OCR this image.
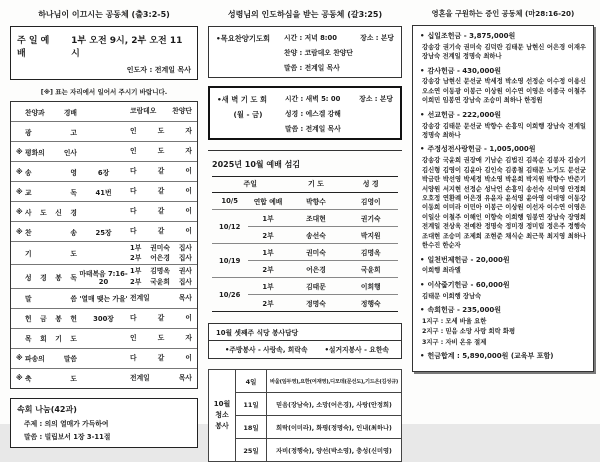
하나님이 이끄시는 공동체 (출3:2-5)
주 일 예 배
1부 오전 9시, 2부 오전 11시
인도자 : 전계일 목사
[※] 표는 자리에서 일어서 주시기 바랍니다.
찬양과 경배	코람데오 찬양단
광 고	인 도 자
※ 평화의 인사	인 도 자
※ 송 영	6장	다 같 이
※ 교 독	41번	다 같 이
※ 사 도 신 경	다 같 이
※ 찬 송	25장	다 같 이
기 도
1부 권미숙 집사
2부 어은경 집사
성 경 봉 독 마태복음 7:16-20
1부 김명옥 권사
2부 국윤희 집사
말 씀 '열매 맺는 가을' 전계일 목사
헌 금 봉 헌	300장	다 같 이
목 회 기 도	인 도 자
※ 파송의 말씀	다 같 이
※ 축 도	전계일 목사
속회 나눔(42과)
주제 : 의의 열매가 가득하여
말씀 : 빌립보서 1장 3-11절
성령님의 인도하심을 받는 공동체 (갈3:25)
•목요찬양기도회	시간 : 저녁 8:00	장소 : 본당
찬양 : 코람데오 찬양단
말씀 : 전계일 목사
•새 벽 기 도 회
(월 - 금)
시간 : 새벽 5: 00	장소 : 본당
성경 : 에스겔 강해
말씀 : 전계일 목사
2025년 10월 예배 섬김
주일		기 도	성 경
10/5	연합 예배	박향수	김영이
10/12	1부	조대현	권기숙
	2부	송선숙	박지원
10/19	1부	권미숙	김명옥
	2부	어은경	국윤희
10/26	1부	김태문	이희행
	2부	정명숙	정행숙
10월 셋째주 식당 봉사담당
•주방봉사 - 사랑속, 희락속	•설거지봉사 - 요한속
10월
청소
봉사	4일	바울(임두영),요한(여재영),디모데(문선도),기드온(김성규)
	11일	믿음(장남숙), 소망(어은경), 사랑(안정희)
	18일	희락(이미라), 화평(정명숙), 인내(최하나)
	25일	자비(정행숙), 양선(박소영), 충성(신미영)
영혼을 구원하는 증인 공동체 (마28:16-20)
• 십일조헌금 - 3,875,000원
강송강 권기숙 권미숙 김덕란 김태문 남현신 어은경 이재우 장남숙 전계일 정명숙 최하나
• 감사헌금 - 430,000원
강송강 남현신 문선균 박세정 박소영 선정순 이수정 이용신 오소연 이동광 이봉근 이상원 이수연 이영은 이종국 이철주 이희민 임봉연 장남숙 조승미 최하나 한정원
• 선교헌금 - 222,000원
강송강 김태문 문선균 박향수 손흥익 이희행 장남숙 전계일 정명숙 최하나
• 주정성전사랑헌금 - 1,005,000원
강송강 국윤희 권장애 기남순 김법진 김복순 김봉자 김슬기 김신형 김영이 김윤아 김인숙 김종철 김태문 노기도 문선균 박금란 박선영 박세정 박소영 박윤희 박지원 박향수 반준기 서양원 서지현 선정순 성낙언 손흥익 송선숙 신미영 안정희 오호정 연환례 어은경 유윤자 윤석영 윤아영 이대영 이동강 이동희 이미라 이민아 이봉근 이상원 이선자 이수연 이영은 이일산 이철주 이해인 이향숙 이희행 임봉연 장남숙 장영희 전계일 전상욱 전예찬 정명숙 정미경 정미림 정은주 정행숙 조대현 조승미 조제희 조현준 채식순 최근묵 최지영 최하나 한수진 한순자
• 일천번제헌금 - 20,000원
이희행 최라엘
• 이삭줍기헌금 - 60,000원
김태문 이희행 장남숙
• 속회헌금 - 235,000원
1지구 : 모세 바울 요한
2지구 : 믿음 소망 사랑 희락 화평
3지구 : 자비 온유 절제
• 헌금합계 : 5,890,000원 (교육부 포함)
